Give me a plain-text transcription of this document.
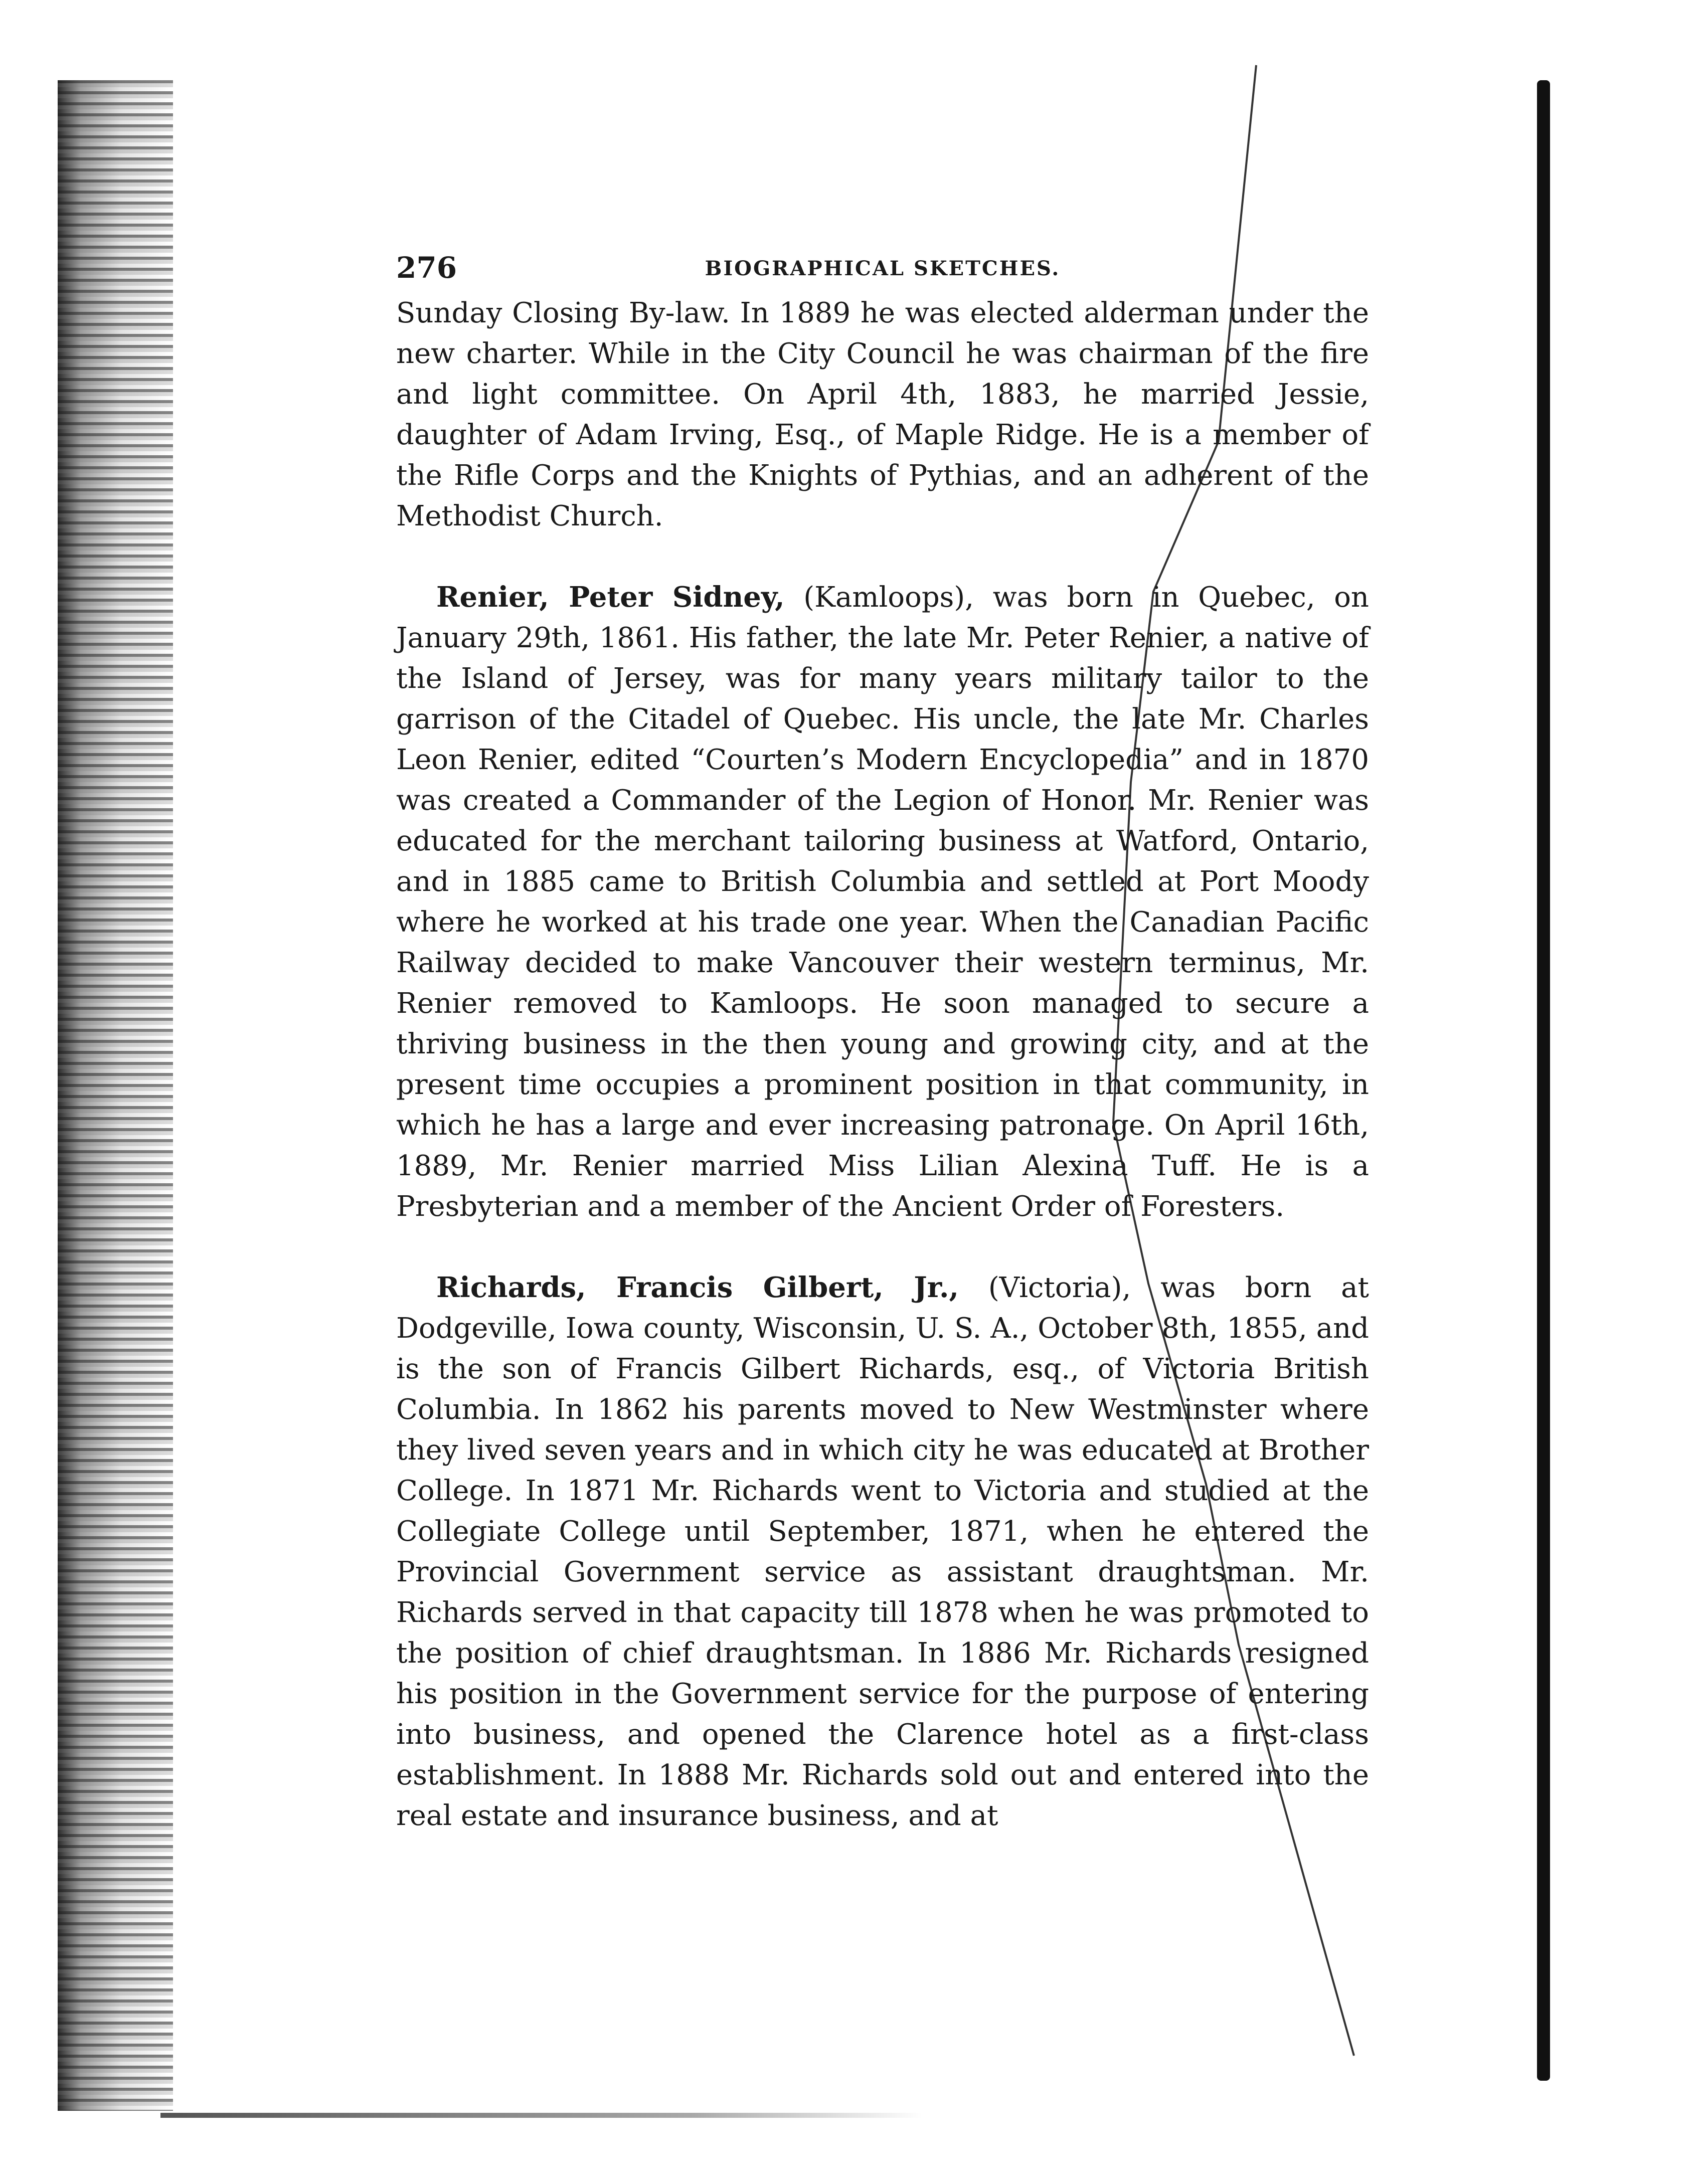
276	BIOGRAPHICAL SKETCHES.

Sunday Closing By-law. In 1889 he was elected alderman under the new charter. While in the City Council he was chairman of the fire and light committee. On April 4th, 1883, he married Jessie, daughter of Adam Irving, Esq., of Maple Ridge. He is a member of the Rifle Corps and the Knights of Pythias, and an adherent of the Methodist Church.

Renier, Peter Sidney, (Kamloops), was born in Quebec, on January 29th, 1861. His father, the late Mr. Peter Renier, a native of the Island of Jersey, was for many years military tailor to the garrison of the Citadel of Quebec. His uncle, the late Mr. Charles Leon Renier, edited “Courten’s Modern Encyclopedia” and in 1870 was created a Commander of the Legion of Honor. Mr. Renier was educated for the merchant tailoring business at Watford, Ontario, and in 1885 came to British Columbia and settled at Port Moody where he worked at his trade one year. When the Canadian Pacific Railway decided to make Vancouver their western terminus, Mr. Renier removed to Kamloops. He soon managed to secure a thriving business in the then young and growing city, and at the present time occupies a prominent position in that community, in which he has a large and ever increasing patronage. On April 16th, 1889, Mr. Renier married Miss Lilian Alexina Tuff. He is a Presbyterian and a member of the Ancient Order of Foresters.

Richards, Francis Gilbert, Jr., (Victoria), was born at Dodgeville, Iowa county, Wisconsin, U. S. A., October 8th, 1855, and is the son of Francis Gilbert Richards, esq., of Victoria British Columbia. In 1862 his parents moved to New Westminster where they lived seven years and in which city he was educated at Brother College. In 1871 Mr. Richards went to Victoria and studied at the Collegiate College until September, 1871, when he entered the Provincial Government service as assistant draughtsman. Mr. Richards served in that capacity till 1878 when he was promoted to the position of chief draughtsman. In 1886 Mr. Richards resigned his position in the Government service for the purpose of entering into business, and opened the Clarence hotel as a first-class establishment. In 1888 Mr. Richards sold out and entered into the real estate and insurance business, and at
